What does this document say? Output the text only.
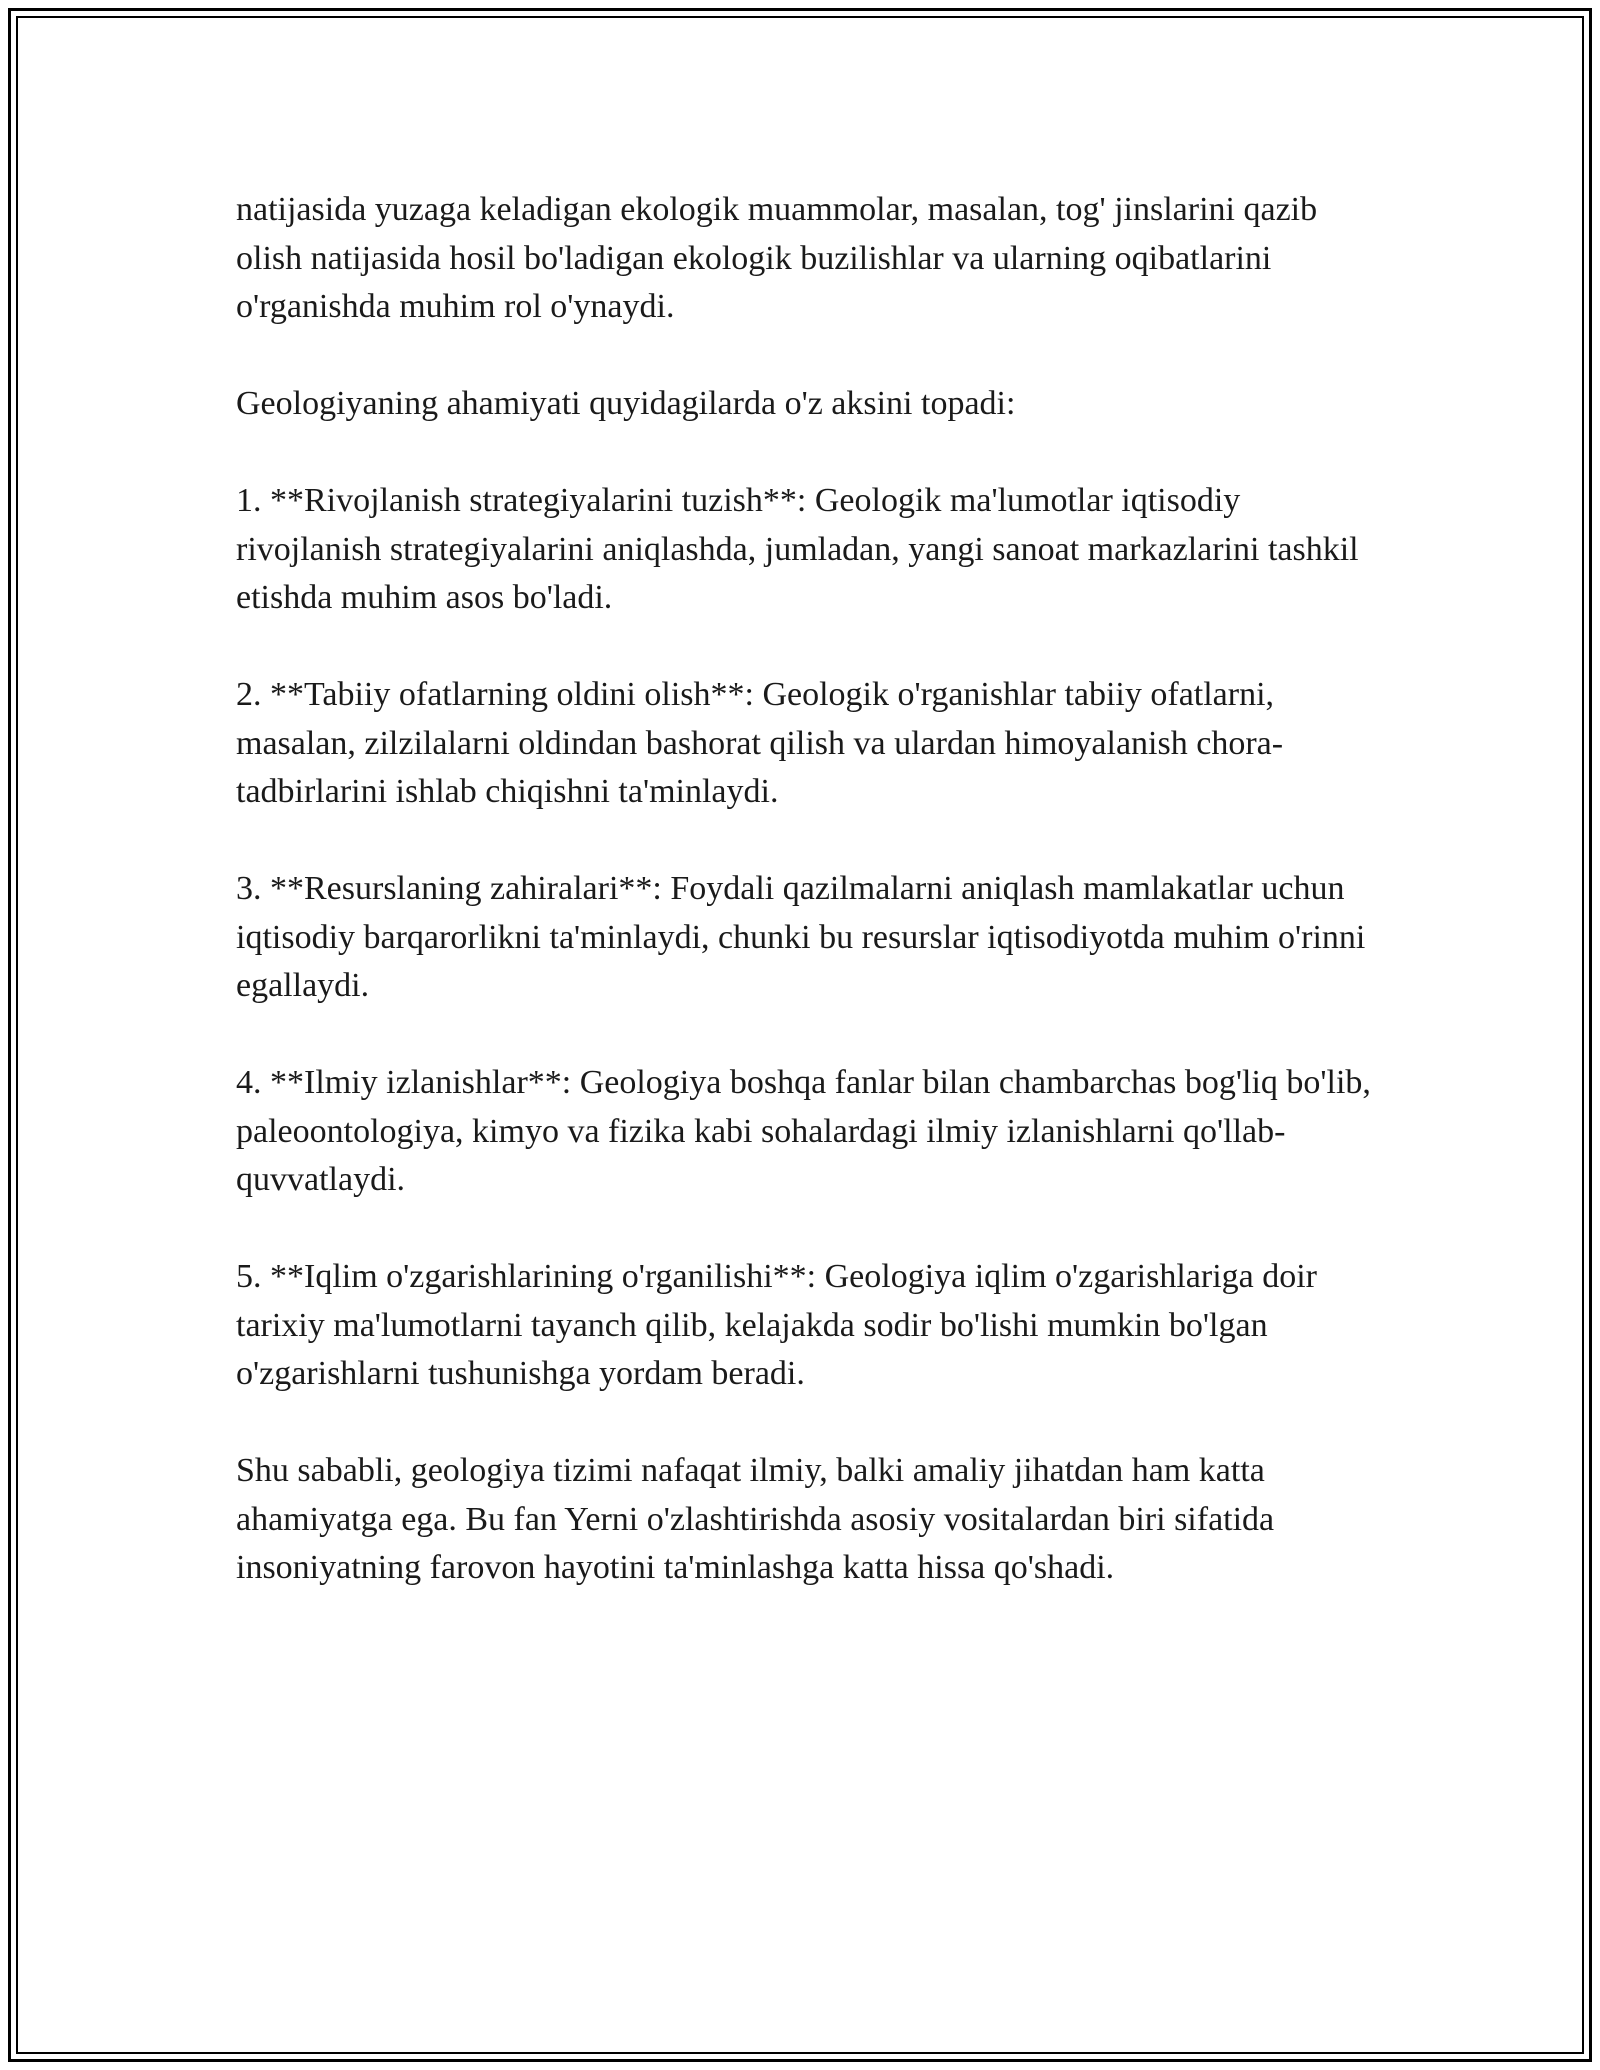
natijasida yuzaga keladigan ekologik muammolar, masalan, tog' jinslarini qazib olish natijasida hosil bo'ladigan ekologik buzilishlar va ularning oqibatlarini o'rganishda muhim rol o'ynaydi.

Geologiyaning ahamiyati quyidagilarda o'z aksini topadi:

1. **Rivojlanish strategiyalarini tuzish**: Geologik ma'lumotlar iqtisodiy rivojlanish strategiyalarini aniqlashda, jumladan, yangi sanoat markazlarini tashkil etishda muhim asos bo'ladi.

2. **Tabiiy ofatlarning oldini olish**: Geologik o'rganishlar tabiiy ofatlarni, masalan, zilzilalarni oldindan bashorat qilish va ulardan himoyalanish chora-tadbirlarini ishlab chiqishni ta'minlaydi.

3. **Resurslaning zahiralari**: Foydali qazilmalarni aniqlash mamlakatlar uchun iqtisodiy barqarorlikni ta'minlaydi, chunki bu resurslar iqtisodiyotda muhim o'rinni egallaydi.

4. **Ilmiy izlanishlar**: Geologiya boshqa fanlar bilan chambarchas bog'liq bo'lib, paleoontologiya, kimyo va fizika kabi sohalardagi ilmiy izlanishlarni qo'llab-quvvatlaydi.

5. **Iqlim o'zgarishlarining o'rganilishi**: Geologiya iqlim o'zgarishlariga doir tarixiy ma'lumotlarni tayanch qilib, kelajakda sodir bo'lishi mumkin bo'lgan o'zgarishlarni tushunishga yordam beradi.

Shu sababli, geologiya tizimi nafaqat ilmiy, balki amaliy jihatdan ham katta ahamiyatga ega. Bu fan Yerni o'zlashtirishda asosiy vositalardan biri sifatida insoniyatning farovon hayotini ta'minlashga katta hissa qo'shadi.
